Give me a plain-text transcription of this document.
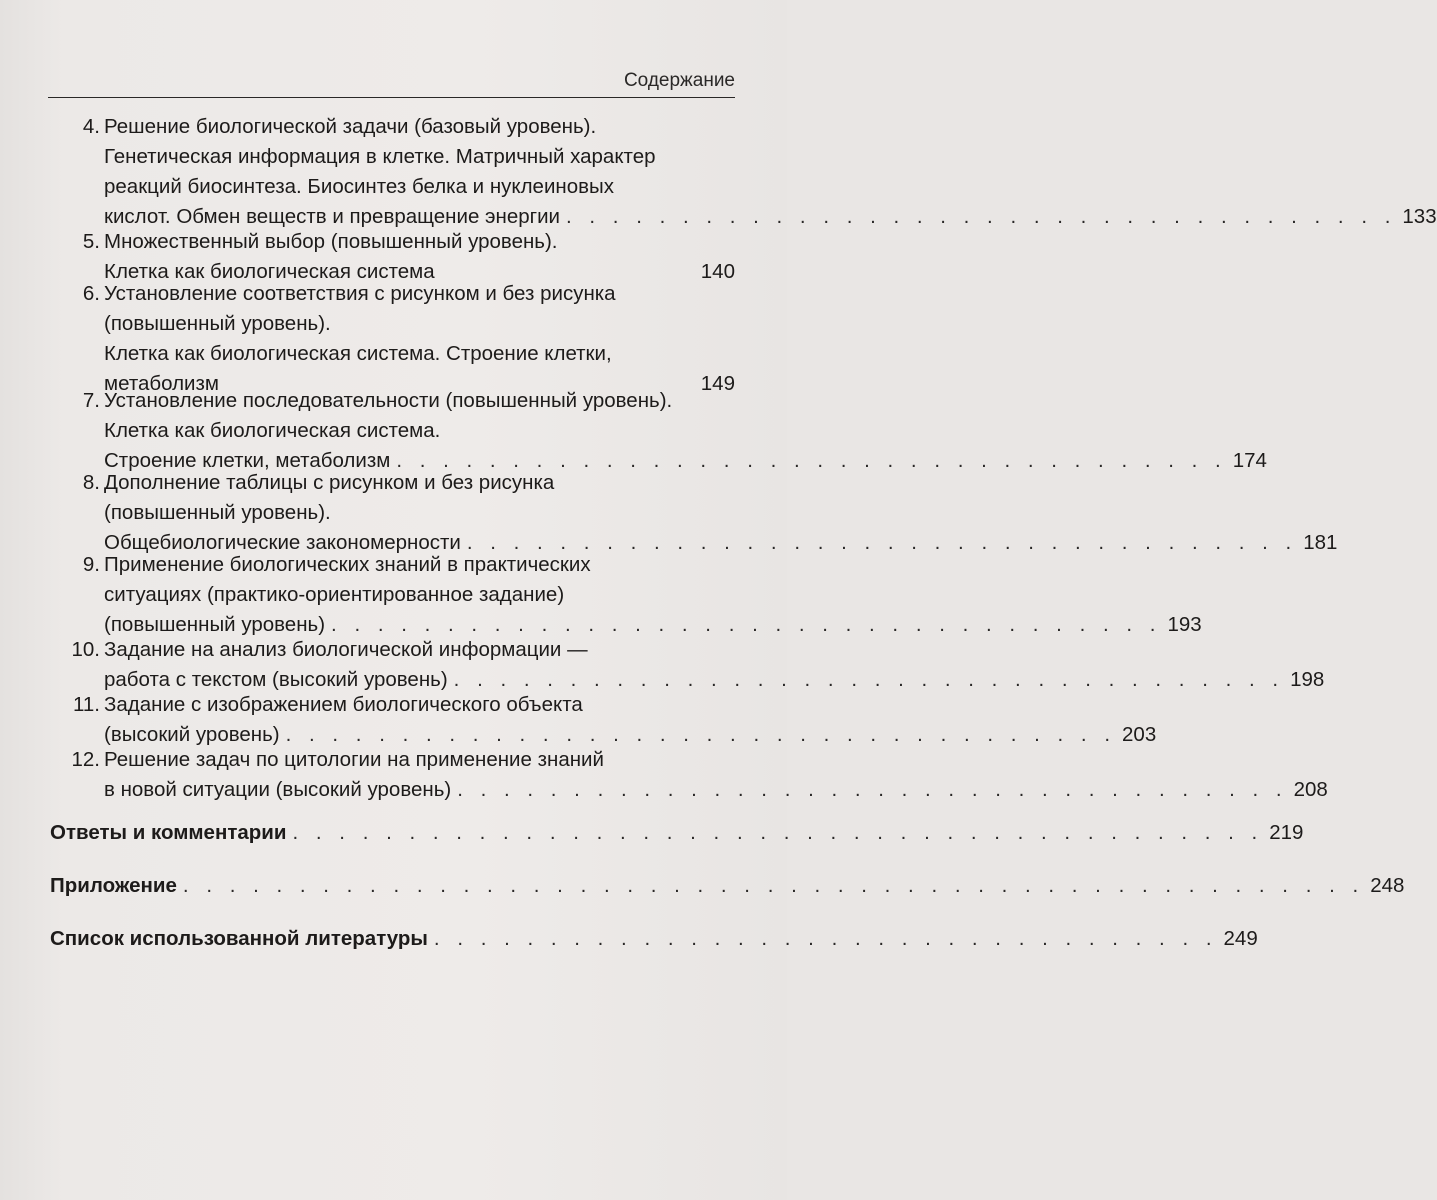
Содержание
4. Решение биологической задачи (базовый уровень).
Генетическая информация в клетке. Матричный характер
реакций биосинтеза. Биосинтез белка и нуклеиновых
кислот. Обмен веществ и превращение энергии . . . . . . . . . . . . . . . . . . . . . . . . . . . . . . . . . . . . 133
5. Множественный выбор (повышенный уровень).
Клетка как биологическая система	140
6. Установление соответствия с рисунком и без рисунка
(повышенный уровень).
Клетка как биологическая система. Строение клетки,
метаболизм	149
7. Установление последовательности (повышенный уровень).
Клетка как биологическая система.
Строение клетки, метаболизм . . . . . . . . . . . . . . . . . . . . . . . . . . . . . . . . . . . . 174
8. Дополнение таблицы с рисунком и без рисунка
(повышенный уровень).
Общебиологические закономерности . . . . . . . . . . . . . . . . . . . . . . . . . . . . . . . . . . . . 181
9. Применение биологических знаний в практических
ситуациях (практико-ориентированное задание)
(повышенный уровень) . . . . . . . . . . . . . . . . . . . . . . . . . . . . . . . . . . . . 193
10. Задание на анализ биологической информации —
работа с текстом (высокий уровень) . . . . . . . . . . . . . . . . . . . . . . . . . . . . . . . . . . . . 198
11. Задание с изображением биологического объекта
(высокий уровень) . . . . . . . . . . . . . . . . . . . . . . . . . . . . . . . . . . . . 203
12. Решение задач по цитологии на применение знаний
в новой ситуации (высокий уровень) . . . . . . . . . . . . . . . . . . . . . . . . . . . . . . . . . . . . 208
Ответы и комментарии . . . . . . . . . . . . . . . . . . . . . . . . . . . . . . . . . . . . . . . . . . 219
Приложение . . . . . . . . . . . . . . . . . . . . . . . . . . . . . . . . . . . . . . . . . . . . . . . . . . . 248
Список использованной литературы . . . . . . . . . . . . . . . . . . . . . . . . . . . . . . . . . . 249
